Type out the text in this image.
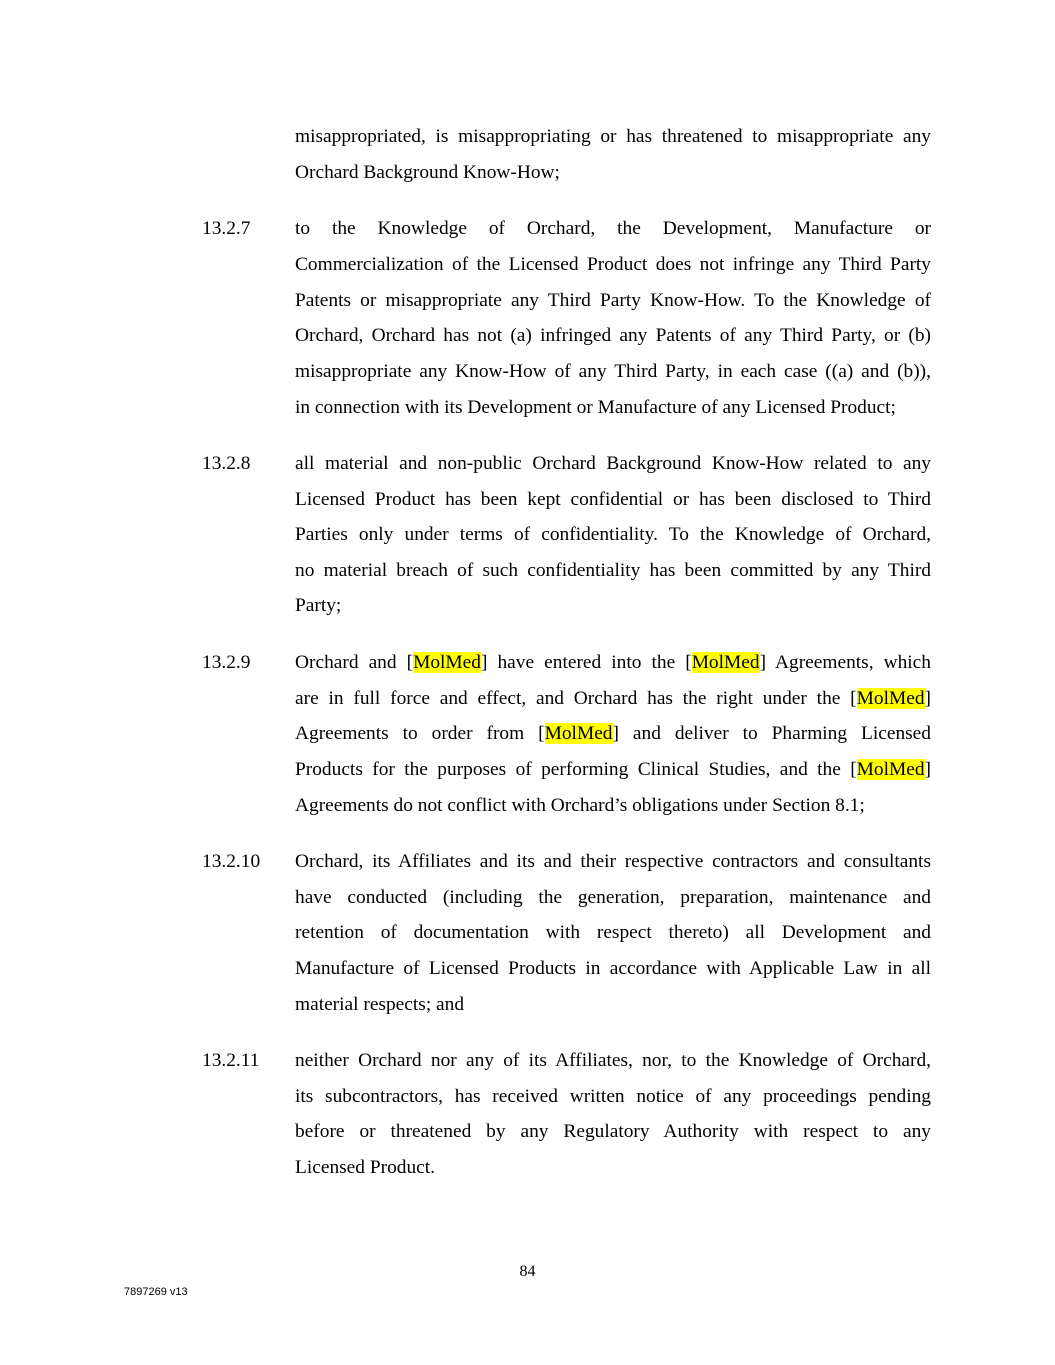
misappropriated, is misappropriating or has threatened to misappropriate any
Orchard Background Know-How;
13.2.7 to the Knowledge of Orchard, the Development, Manufacture or
Commercialization of the Licensed Product does not infringe any Third Party
Patents or misappropriate any Third Party Know-How. To the Knowledge of
Orchard, Orchard has not (a) infringed any Patents of any Third Party, or (b)
misappropriate any Know-How of any Third Party, in each case ((a) and (b)),
in connection with its Development or Manufacture of any Licensed Product;
13.2.8 all material and non-public Orchard Background Know-How related to any
Licensed Product has been kept confidential or has been disclosed to Third
Parties only under terms of confidentiality. To the Knowledge of Orchard,
no material breach of such confidentiality has been committed by any Third
Party;
13.2.9 Orchard and [MolMed] have entered into the [MolMed] Agreements, which
are in full force and effect, and Orchard has the right under the [MolMed]
Agreements to order from [MolMed] and deliver to Pharming Licensed
Products for the purposes of performing Clinical Studies, and the [MolMed]
Agreements do not conflict with Orchard’s obligations under Section 8.1;
13.2.10 Orchard, its Affiliates and its and their respective contractors and consultants
have conducted (including the generation, preparation, maintenance and
retention of documentation with respect thereto) all Development and
Manufacture of Licensed Products in accordance with Applicable Law in all
material respects; and
13.2.11 neither Orchard nor any of its Affiliates, nor, to the Knowledge of Orchard,
its subcontractors, has received written notice of any proceedings pending
before or threatened by any Regulatory Authority with respect to any
Licensed Product.
84
7897269 v13
